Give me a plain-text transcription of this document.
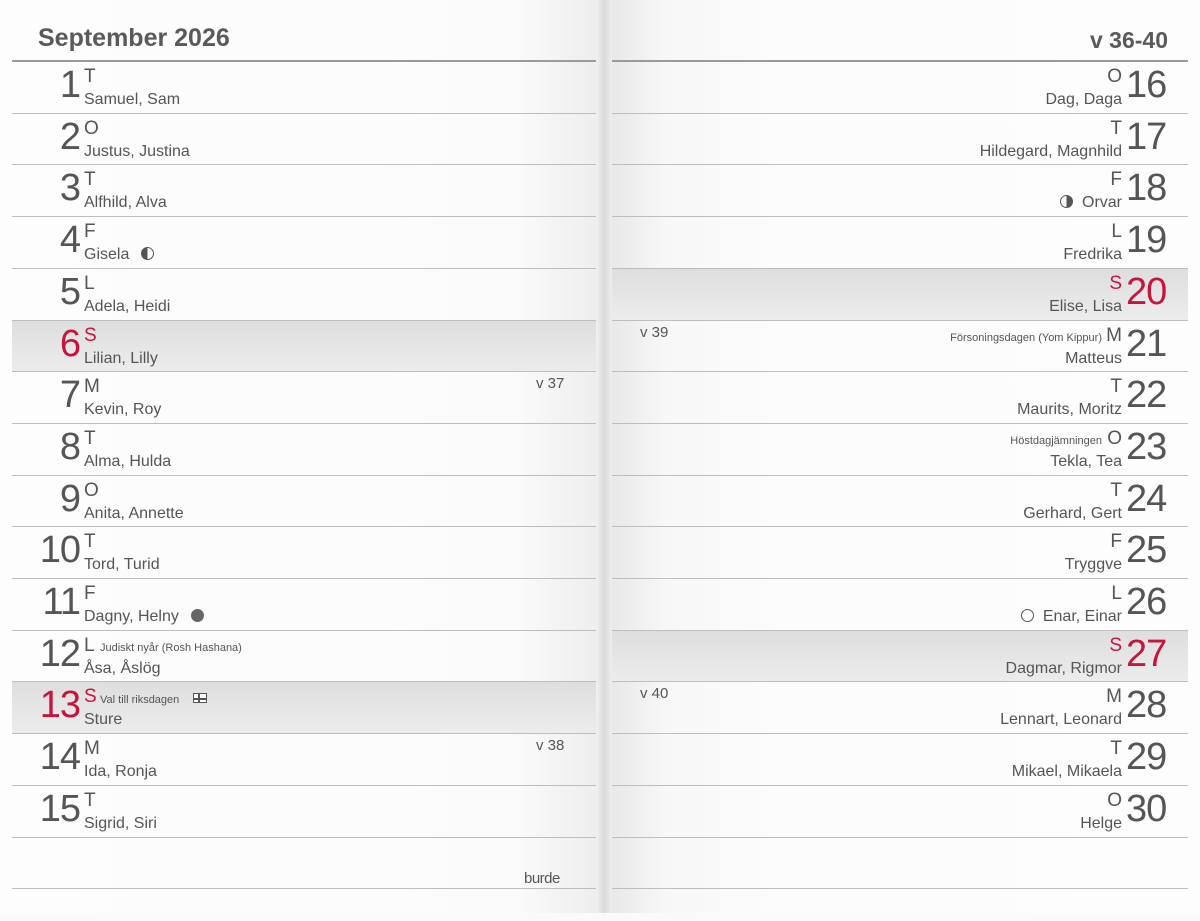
September 2026
burde
1 T
Samuel, Sam
2 O
Justus, Justina
3 T
Alfhild, Alva
4 F
Gisela
5 L
Adela, Heidi
6 S
Lilian, Lilly
7 M
Kevin, Roy
v 37
8 T
Alma, Hulda
9 O
Anita, Annette
10 T
Tord, Turid
11 F
Dagny, Helny
12 L Judiskt nyår (Rosh Hashana)
Åsa, Åslög
13 S Val till riksdagen
Sture
14 M
Ida, Ronja
v 38
15 T
Sigrid, Siri
v 36-40
16
O
Dag, Daga
17
T
Hildegard, Magnhild
18
F
Orvar
19
L
Fredrika
20
S
Elise, Lisa
21
M
Försoningsdagen (Yom Kippur)
Matteus
v 39
22
T
Maurits, Moritz
23
O
Höstdagjämningen
Tekla, Tea
24
T
Gerhard, Gert
25
F
Tryggve
26
L
Enar, Einar
27
S
Dagmar, Rigmor
28
M
Lennart, Leonard
v 40
29
T
Mikael, Mikaela
30
O
Helge
